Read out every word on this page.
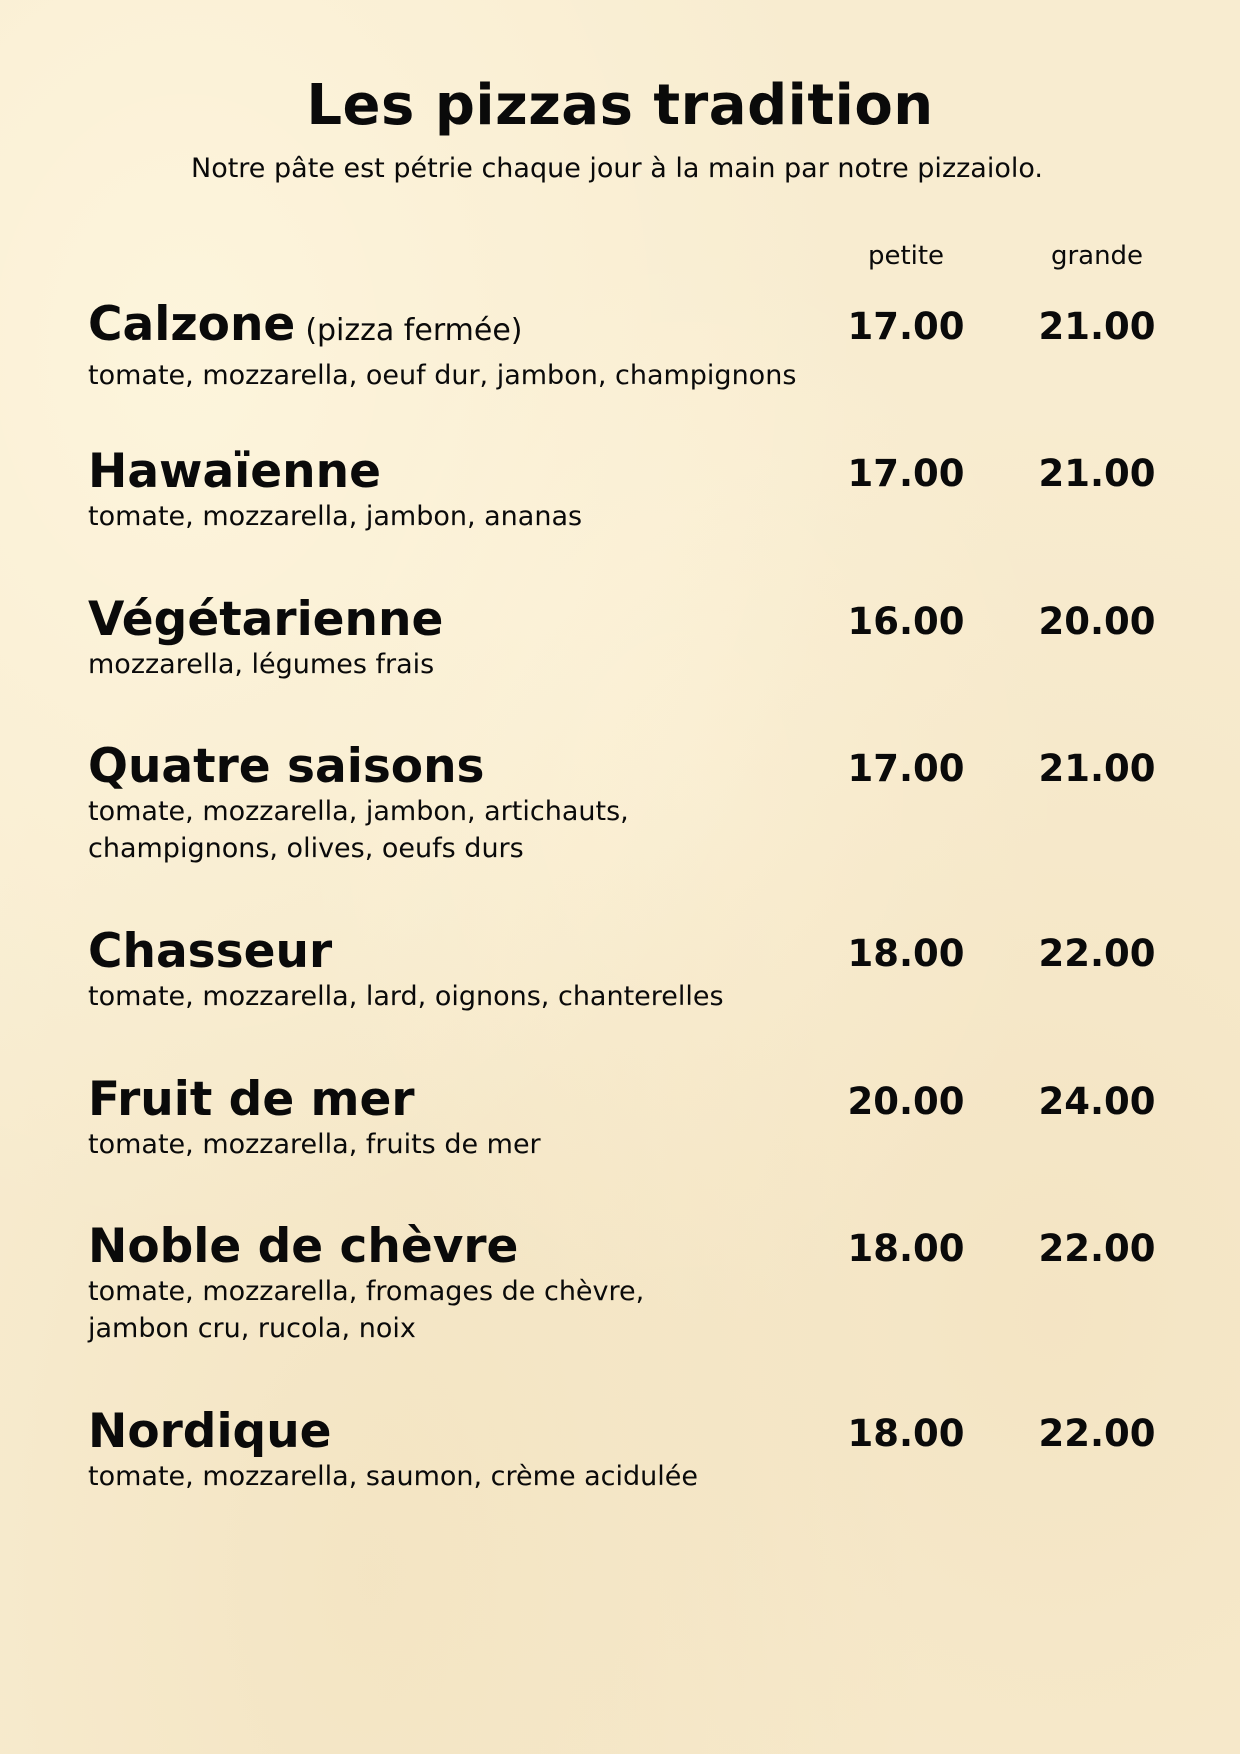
Les pizzas tradition
Notre pâte est pétrie chaque jour à la main par notre pizzaiolo.
petite	grande
Calzone (pizza fermée)
tomate, mozzarella, oeuf dur, jambon, champignons
17.00	21.00
Hawaïenne
tomate, mozzarella, jambon, ananas
17.00	21.00
Végétarienne
mozzarella, légumes frais
16.00	20.00
Quatre saisons
tomate, mozzarella, jambon, artichauts,
champignons, olives, oeufs durs
17.00	21.00
Chasseur
tomate, mozzarella, lard, oignons, chanterelles
18.00	22.00
Fruit de mer
tomate, mozzarella, fruits de mer
20.00	24.00
Noble de chèvre
tomate, mozzarella, fromages de chèvre,
jambon cru, rucola, noix
18.00	22.00
Nordique
tomate, mozzarella, saumon, crème acidulée
18.00	22.00
